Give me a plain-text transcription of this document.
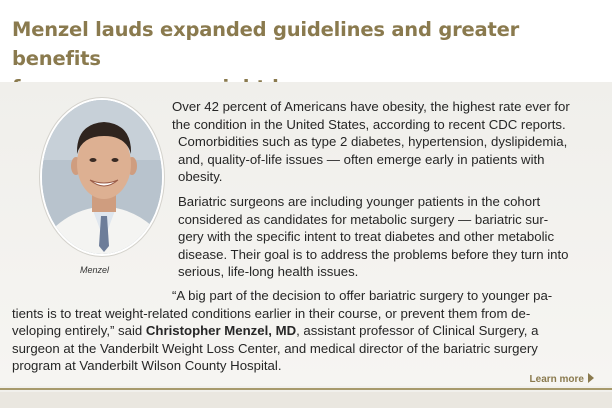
Menzel lauds expanded guidelines and greater benefits

Menzel
Over 42 percent of Americans have obesity, the highest rate ever for
the condition in the United States, according to recent CDC reports.
Comorbidities such as type 2 diabetes, hypertension, dyslipidemia,
and, quality-of-life issues — often emerge early in patients with
obesity.
Bariatric surgeons are including younger patients in the cohort
considered as candidates for metabolic surgery — bariatric sur-
gery with the specific intent to treat diabetes and other metabolic
disease. Their goal is to address the problems before they turn into
serious, life-long health issues.
“A big part of the decision to offer bariatric surgery to younger pa-
tients is to treat weight-related conditions earlier in their course, or prevent them from de-
veloping entirely,” said Christopher Menzel, MD, assistant professor of Clinical Surgery, a
surgeon at the Vanderbilt Weight Loss Center, and medical director of the bariatric surgery
program at Vanderbilt Wilson County Hospital.
Learn more
